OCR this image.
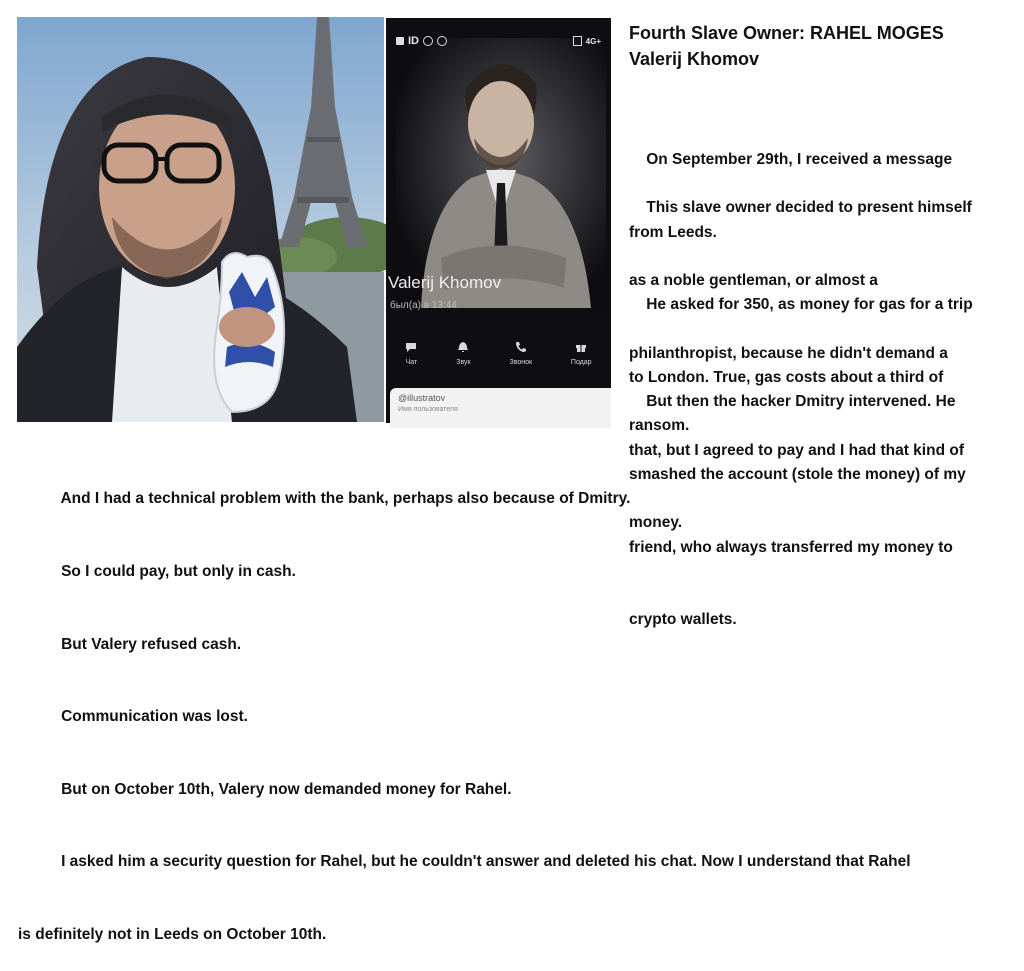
ID	4G+
Valerij Khomov
был(а) в 13:44
Чат	Звук	Звонок	Подар
@illustratov
Имя пользователя
Fourth Slave Owner: RAHEL MOGES
Valerij Khomov

On September 29th, I received a message

from Leeds.

This slave owner decided to present himself

as a noble gentleman, or almost a

philanthropist, because he didn't demand a

ransom.

He asked for 350, as money for gas for a trip

to London. True, gas costs about a third of

that, but I agreed to pay and I had that kind of

money.

But then the hacker Dmitry intervened. He

smashed the account (stole the money) of my

friend, who always transferred my money to

crypto wallets.

And I had a technical problem with the bank, perhaps also because of Dmitry.

So I could pay, but only in cash.

But Valery refused cash.

Communication was lost.

But on October 10th, Valery now demanded money for Rahel.

I asked him a security question for Rahel, but he couldn't answer and deleted his chat. Now I understand that Rahel

is definitely not in Leeds on October 10th.
